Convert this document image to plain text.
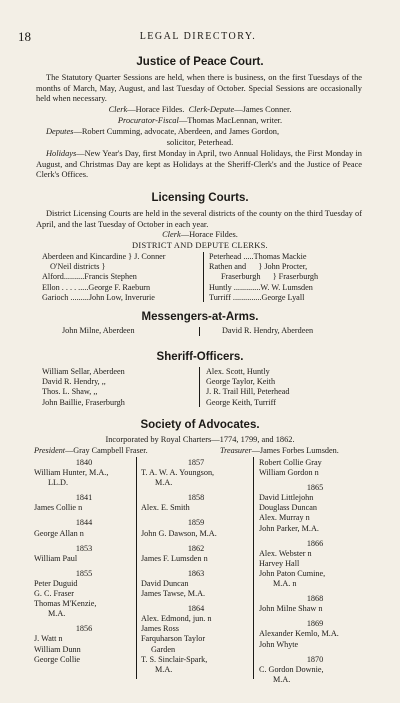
18	LEGAL DIRECTORY.
Justice of Peace Court.
The Statutory Quarter Sessions are held, when there is business, on the first Tuesdays of the months of March, May, August, and last Tuesday of October. Special Sessions are occasionally held when necessary.
Clerk—Horace Fildes. Clerk-Depute—James Conner.
Procurator-Fiscal—Thomas MacLennan, writer.
Deputes—Robert Cumming, advocate, Aberdeen, and James Gordon,
solicitor, Peterhead.
Holidays—New Year's Day, first Monday in April, two Annual Holidays, the First Monday in August, and Christmas Day are kept as Holidays at the Sheriff-Clerk's and the Justice of Peace Clerk's Offices.
Licensing Courts.
District Licensing Courts are held in the several districts of the county on the third Tuesday of April, and the last Tuesday of October in each year.
Clerk—Horace Fildes.
DISTRICT AND DEPUTE CLERKS.
Aberdeen and Kincardine } J. Conner
O'Neil districts }
Alford..........Francis Stephen
Ellon . . . . .....George F. Raeburn
Garioch .........John Low, Inverurie
Peterhead .....Thomas Mackie
Rathen and } John Procter,
Fraserburgh } Fraserburgh
Huntly .............W. W. Lumsden
Turriff ..............George Lyall
Messengers-at-Arms.
John Milne, Aberdeen	David R. Hendry, Aberdeen
Sheriff-Officers.
William Sellar, Aberdeen
David R. Hendry, ,,
Thos. L. Shaw, ,,
John Baillie, Fraserburgh
Alex. Scott, Huntly
George Taylor, Keith
J. R. Trail Hill, Peterhead
George Keith, Turriff
Society of Advocates.
Incorporated by Royal Charters—1774, 1799, and 1862.
President—Gray Campbell Fraser.	Treasurer—James Forbes Lumsden.
1840
William Hunter, M.A.,
LL.D.
1841
James Collie n
1844
George Allan n
1853
William Paul
1855
Peter Duguid
G. C. Fraser
Thomas M'Kenzie,
M.A.
1856
J. Watt n
William Dunn
George Collie
1857
T. A. W. A. Youngson,
M.A.
1858
Alex. E. Smith
1859
John G. Dawson, M.A.
1862
James F. Lumsden n
1863
David Duncan
James Tawse, M.A.
1864
Alex. Edmond, jun. n
James Ross
Farquharson Taylor
Garden
T. S. Sinclair-Spark,
M.A.
Robert Collie Gray
William Gordon n
1865
David Littlejohn
Douglass Duncan
Alex. Murray n
John Parker, M.A.
1866
Alex. Webster n
Harvey Hall
John Paton Cumine,
M.A. n
1868
John Milne Shaw n
1869
Alexander Kemlo, M.A.
John Whyte
1870
C. Gordon Downie,
M.A.
